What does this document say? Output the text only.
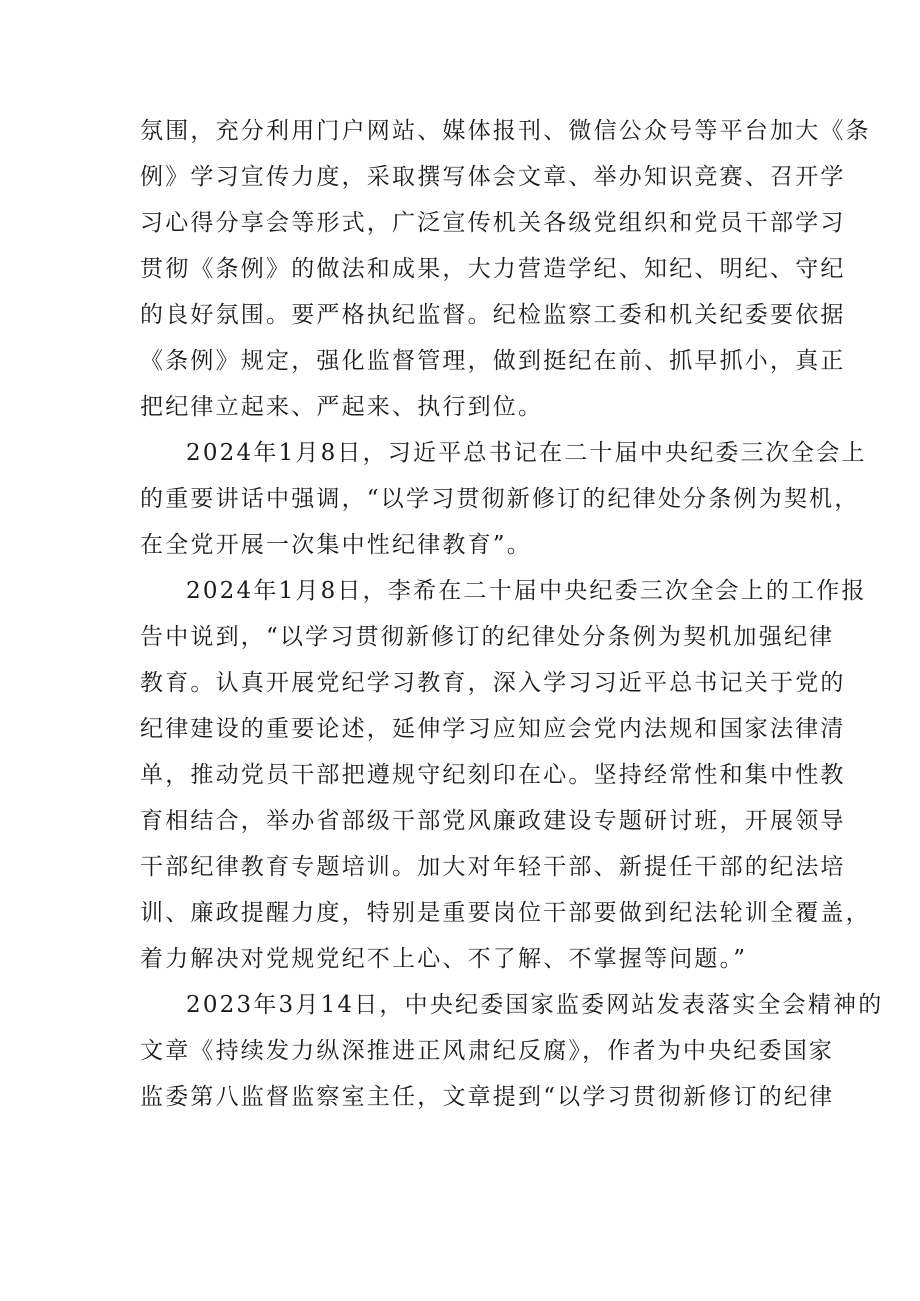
氛围，充分利用门户网站、媒体报刊、微信公众号等平台加大《条
例》学习宣传力度，采取撰写体会文章、举办知识竞赛、召开学
习心得分享会等形式，广泛宣传机关各级党组织和党员干部学习
贯彻《条例》的做法和成果，大力营造学纪、知纪、明纪、守纪
的良好氛围。要严格执纪监督。纪检监察工委和机关纪委要依据
《条例》规定，强化监督管理，做到挺纪在前、抓早抓小，真正
把纪律立起来、严起来、执行到位。
2024年1月8日，习近平总书记在二十届中央纪委三次全会上
的重要讲话中强调，“以学习贯彻新修订的纪律处分条例为契机，
在全党开展一次集中性纪律教育”。
2024年1月8日，李希在二十届中央纪委三次全会上的工作报
告中说到，“以学习贯彻新修订的纪律处分条例为契机加强纪律
教育。认真开展党纪学习教育，深入学习习近平总书记关于党的
纪律建设的重要论述，延伸学习应知应会党内法规和国家法律清
单，推动党员干部把遵规守纪刻印在心。坚持经常性和集中性教
育相结合，举办省部级干部党风廉政建设专题研讨班，开展领导
干部纪律教育专题培训。加大对年轻干部、新提任干部的纪法培
训、廉政提醒力度，特别是重要岗位干部要做到纪法轮训全覆盖，
着力解决对党规党纪不上心、不了解、不掌握等问题。”
2023年3月14日，中央纪委国家监委网站发表落实全会精神的
文章《持续发力纵深推进正风肃纪反腐》，作者为中央纪委国家
监委第八监督监察室主任，文章提到“以学习贯彻新修订的纪律
